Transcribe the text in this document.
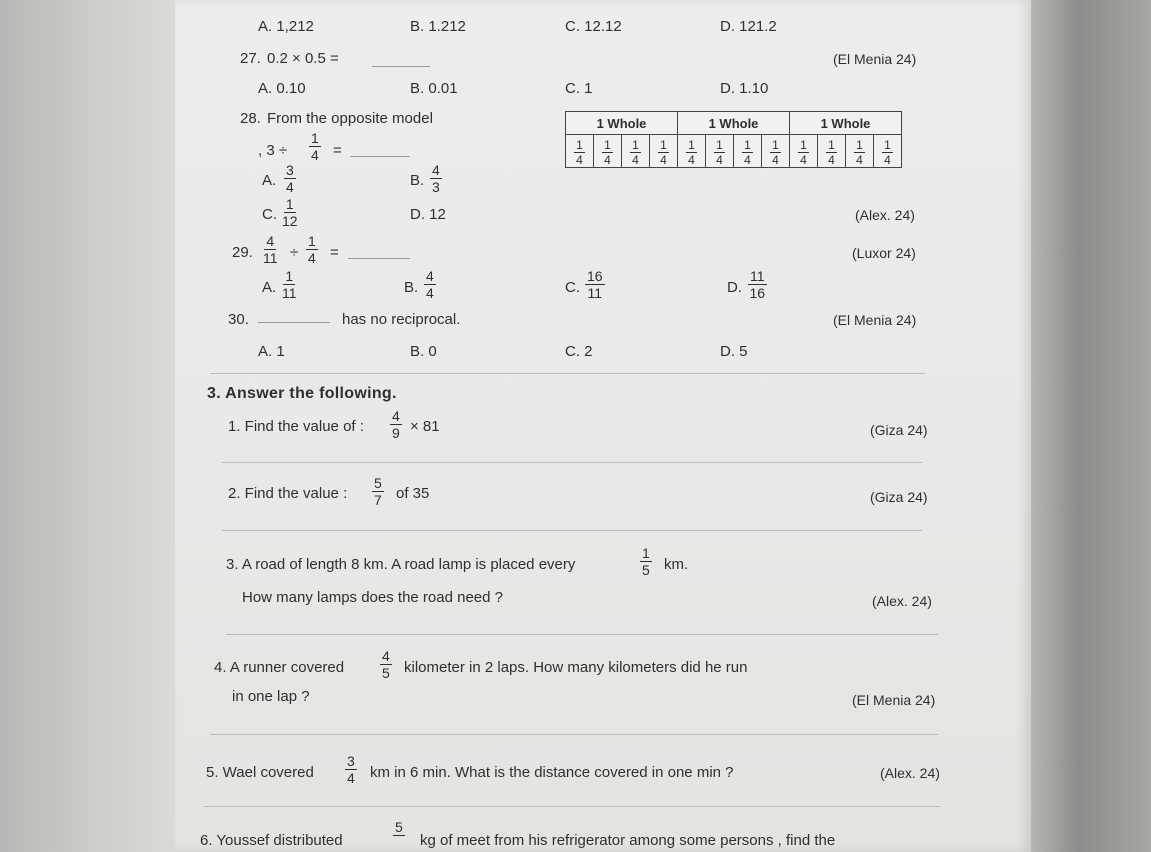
A. 1,212	B. 1.212	C. 12.12	D. 121.2
27. 0.2 × 0.5 =	(El Menia 24)
A. 0.10	B. 0.01	C. 1	D. 1.10
28. From the opposite model
, $3 \div \frac{1}{4}$ =
1 Whole				1 Whole				1 Whole			

$\frac{1}{4}$	$\frac{1}{4}$	$\frac{1}{4}$	$\frac{1}{4}$	$\frac{1}{4}$	$\frac{1}{4}$	$\frac{1}{4}$	$\frac{1}{4}$	$\frac{1}{4}$	$\frac{1}{4}$	$\frac{1}{4}$	$\frac{1}{4}$
A. $\frac{3}{4}$	B. $\frac{4}{3}$
C. $\frac{1}{12}$	D. 12	(Alex. 24)
29. $\frac{4}{11} \div \frac{1}{4}$ =	(Luxor 24)
A. $\frac{1}{11}$	B. $\frac{4}{4}$	C. $\frac{16}{11}$	D. $\frac{11}{16}$
30.	has no reciprocal.	(El Menia 24)
A. 1	B. 0	C. 2	D. 5
3. Answer the following.
1. Find the value of : $\frac{4}{9} \times 81$	(Giza 24)
2. Find the value : $\frac{5}{7}$ of 35	(Giza 24)
3. A road of length 8 km. A road lamp is placed every	$\frac{1}{5}$ km.
How many lamps does the road need ?	(Alex. 24)
4. A runner covered	$\frac{4}{5}$ kilometer in 2 laps. How many kilometers did he run
in one lap ?	(El Menia 24)
5. Wael covered $\frac{3}{4}$ km in 6 min. What is the distance covered in one min ?	(Alex. 24)
6. Youssef distributed
5
kg of meet from his refrigerator among some persons , find the
